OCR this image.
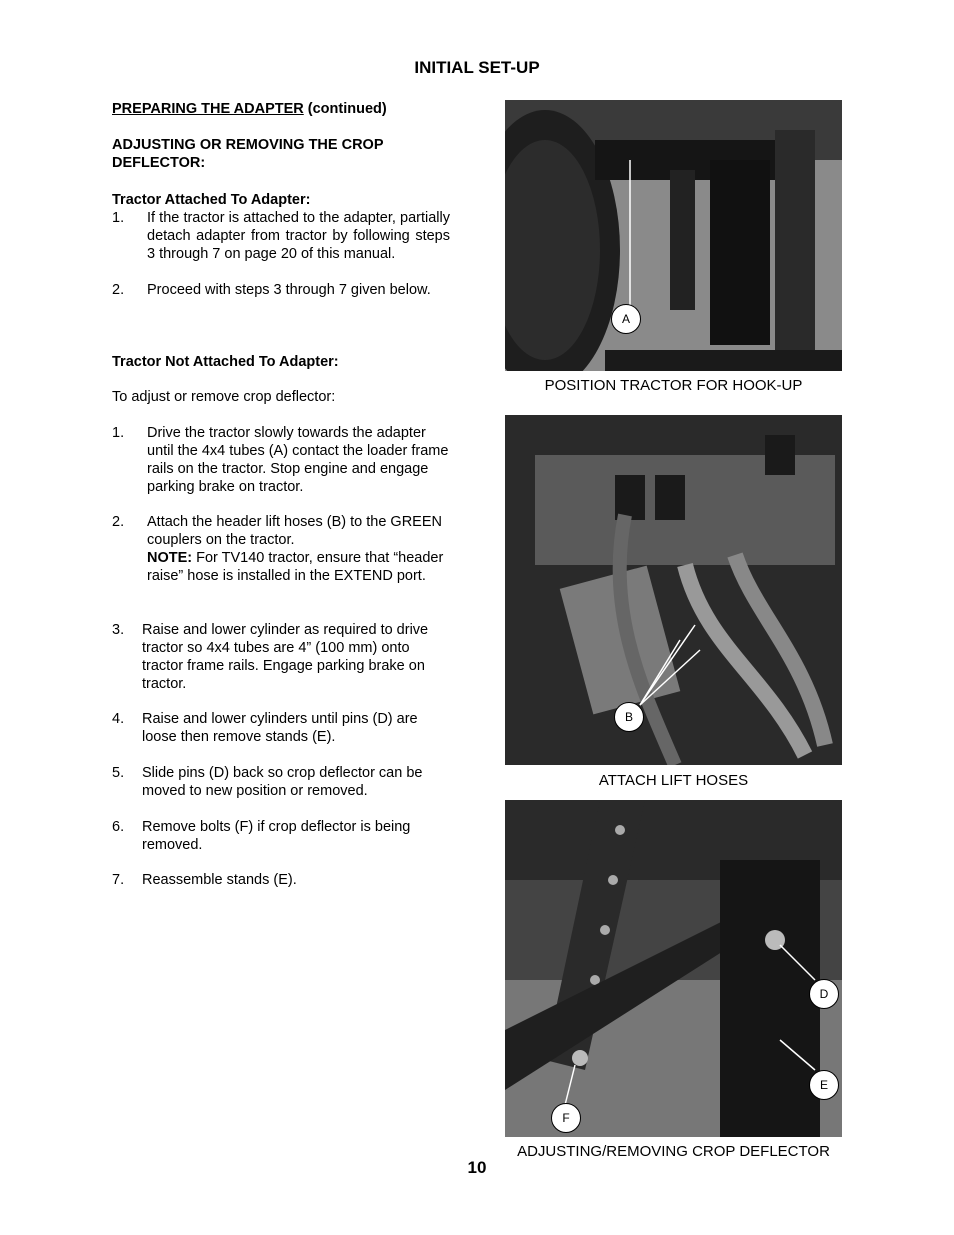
INITIAL SET-UP
PREPARING THE ADAPTER (continued)
ADJUSTING OR REMOVING THE CROP
DEFLECTOR:
Tractor Attached To Adapter:
1.	If the tractor is attached to the adapter, partially detach adapter from tractor by following steps 3 through 7 on page 20 of this manual.
2.	Proceed with steps 3 through 7 given below.
Tractor Not Attached To Adapter:
To adjust or remove crop deflector:
1.	Drive the tractor slowly towards the adapter until the 4x4 tubes (A) contact the loader frame rails on the tractor. Stop engine and engage parking brake on tractor.
2.	Attach the header lift hoses (B) to the GREEN couplers on the tractor.
NOTE: For TV140 tractor, ensure that “header raise” hose is installed in the EXTEND port.
3.	Raise and lower cylinder as required to drive tractor so 4x4 tubes are 4” (100 mm) onto tractor frame rails. Engage parking brake on tractor.
4.	Raise and lower cylinders until pins (D) are loose then remove stands (E).
5.	Slide pins (D) back so crop deflector can be moved to new position or removed.
6.	Remove bolts (F) if crop deflector is being removed.
7.	Reassemble stands (E).
A
POSITION TRACTOR FOR HOOK-UP
B
ATTACH LIFT HOSES
D
E
F
ADJUSTING/REMOVING CROP DEFLECTOR
10
